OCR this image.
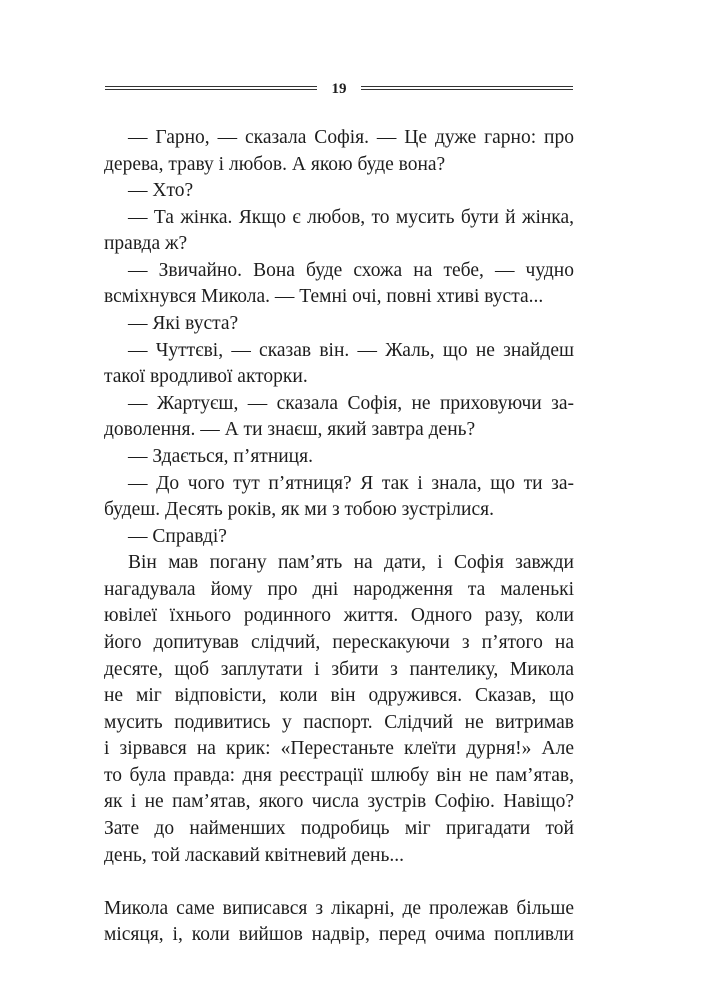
19
— Гарно, — сказала Софія. — Це дуже гарно: про
дерева, траву і любов. А якою буде вона?
— Хто?
— Та жінка. Якщо є любов, то мусить бути й жінка,
правда ж?
— Звичайно. Вона буде схожа на тебе, — чудно
всміхнувся Микола. — Темні очі, повні хтиві вуста...
— Які вуста?
— Чуттєві, — сказав він. — Жаль, що не знайдеш
такої вродливої акторки.
— Жартуєш, — сказала Софія, не приховуючи за-
доволення. — А ти знаєш, який завтра день?
— Здається, п’ятниця.
— До чого тут п’ятниця? Я так і знала, що ти за-
будеш. Десять років, як ми з тобою зустрілися.
— Справді?
Він мав погану пам’ять на дати, і Софія завжди
нагадувала йому про дні народження та маленькі
ювілеї їхнього родинного життя. Одного разу, коли
його допитував слідчий, перескакуючи з п’ятого на
десяте, щоб заплутати і збити з пантелику, Микола
не міг відповісти, коли він одружився. Сказав, що
мусить подивитись у паспорт. Слідчий не витримав
і зірвався на крик: «Перестаньте клеїти дурня!» Але
то була правда: дня реєстрації шлюбу він не пам’ятав,
як і не пам’ятав, якого числа зустрів Софію. Навіщо?
Зате до найменших подробиць міг пригадати той
день, той ласкавий квітневий день...
Микола саме виписався з лікарні, де пролежав більше
місяця, і, коли вийшов надвір, перед очима попливли
